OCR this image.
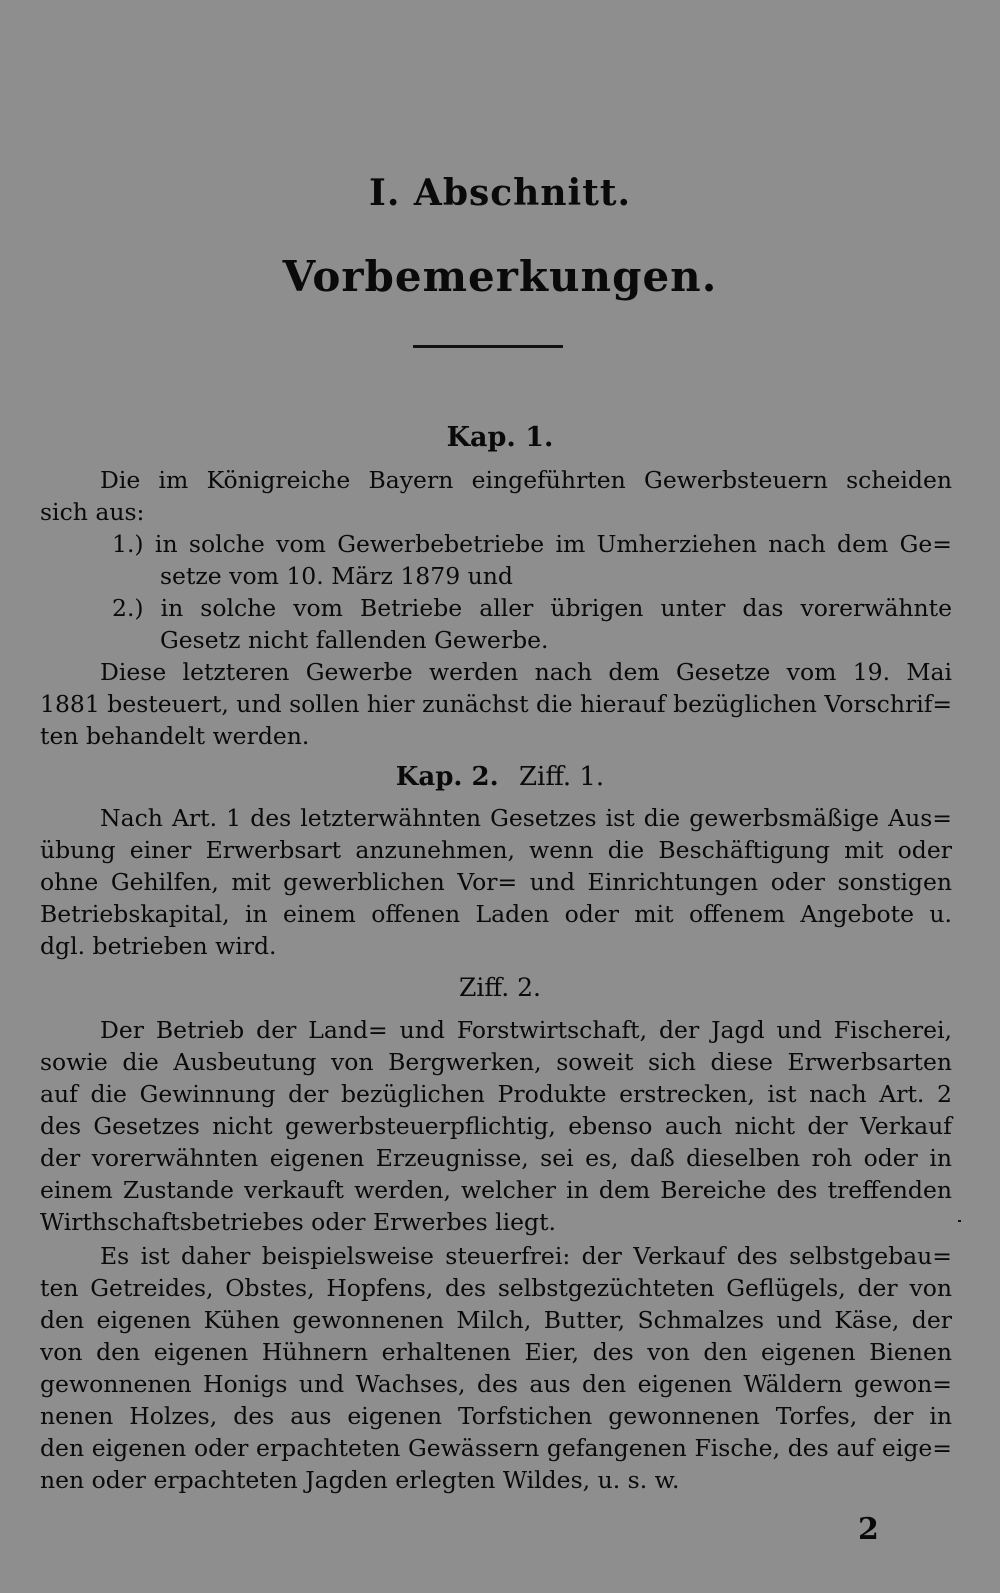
I. Abschnitt.
Vorbemerkungen.
Kap. 1.
Die im Königreiche Bayern eingeführten Gewerbsteuern scheiden
sich aus:
1.) in solche vom Gewerbebetriebe im Umherziehen nach dem Ge=
setze vom 10. März 1879 und
2.) in solche vom Betriebe aller übrigen unter das vorerwähnte
Gesetz nicht fallenden Gewerbe.
Diese letzteren Gewerbe werden nach dem Gesetze vom 19. Mai
1881 besteuert, und sollen hier zunächst die hierauf bezüglichen Vorschrif=
ten behandelt werden.
Kap. 2. Ziff. 1.
Nach Art. 1 des letzterwähnten Gesetzes ist die gewerbsmäßige Aus=
übung einer Erwerbsart anzunehmen, wenn die Beschäftigung mit oder
ohne Gehilfen, mit gewerblichen Vor= und Einrichtungen oder sonstigen
Betriebskapital, in einem offenen Laden oder mit offenem Angebote u.
dgl. betrieben wird.
Ziff. 2.
Der Betrieb der Land= und Forstwirtschaft, der Jagd und Fischerei,
sowie die Ausbeutung von Bergwerken, soweit sich diese Erwerbsarten
auf die Gewinnung der bezüglichen Produkte erstrecken, ist nach Art. 2
des Gesetzes nicht gewerbsteuerpflichtig, ebenso auch nicht der Verkauf
der vorerwähnten eigenen Erzeugnisse, sei es, daß dieselben roh oder in
einem Zustande verkauft werden, welcher in dem Bereiche des treffenden
Wirthschaftsbetriebes oder Erwerbes liegt.
Es ist daher beispielsweise steuerfrei: der Verkauf des selbstgebau=
ten Getreides, Obstes, Hopfens, des selbstgezüchteten Geflügels, der von
den eigenen Kühen gewonnenen Milch, Butter, Schmalzes und Käse, der
von den eigenen Hühnern erhaltenen Eier, des von den eigenen Bienen
gewonnenen Honigs und Wachses, des aus den eigenen Wäldern gewon=
nenen Holzes, des aus eigenen Torfstichen gewonnenen Torfes, der in
den eigenen oder erpachteten Gewässern gefangenen Fische, des auf eige=
nen oder erpachteten Jagden erlegten Wildes, u. s. w.
2
